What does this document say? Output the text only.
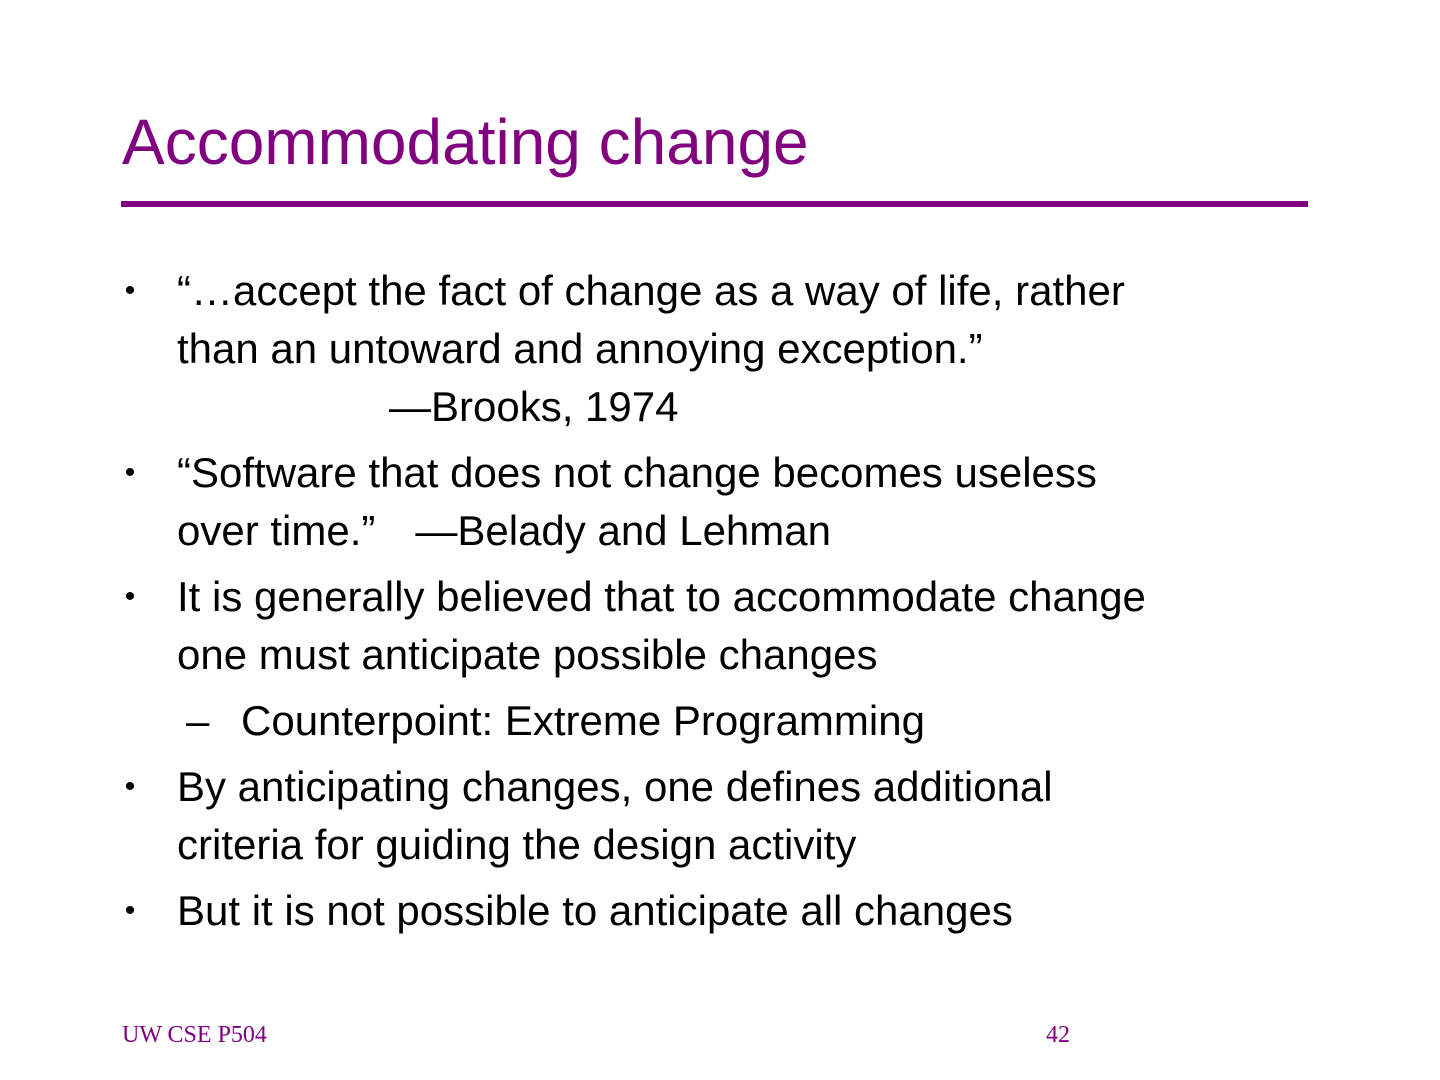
Accommodating change
• “…accept the fact of change as a way of life, rather
than an untoward and annoying exception.”
—Brooks, 1974
• “Software that does not change becomes useless
over time.” —Belady and Lehman
• It is generally believed that to accommodate change
one must anticipate possible changes
– Counterpoint: Extreme Programming
• By anticipating changes, one defines additional
criteria for guiding the design activity
• But it is not possible to anticipate all changes
UW CSE P504	42
